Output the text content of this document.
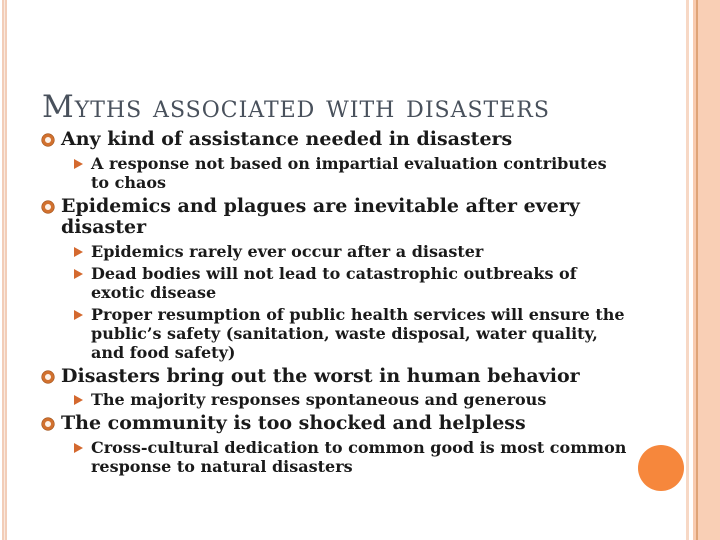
Myths associated with disasters
Any kind of assistance needed in disasters
A response not based on impartial evaluation contributes to chaos
Epidemics and plagues are inevitable after every disaster
Epidemics rarely ever occur after a disaster
Dead bodies will not lead to catastrophic outbreaks of exotic disease
Proper resumption of public health services will ensure the public’s safety (sanitation, waste disposal, water quality, and food safety)
Disasters bring out the worst in human behavior
The majority responses spontaneous and generous
The community is too shocked and helpless
Cross-cultural dedication to common good is most common response to natural disasters
